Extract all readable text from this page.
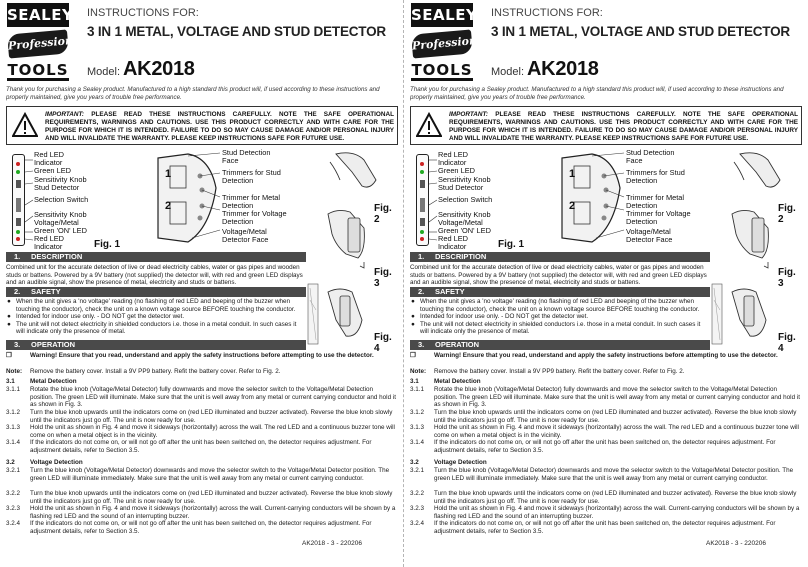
SEALEY
Professional
TOOLS
INSTRUCTIONS FOR:
3 IN 1 METAL, VOLTAGE AND STUD DETECTOR
Model: AK2018
Thank you for purchasing a Sealey product. Manufactured to a high standard this product will, if used according to these instructions and properly maintained, give you years of trouble free performance.
IMPORTANT: PLEASE READ THESE INSTRUCTIONS CAREFULLY. NOTE THE SAFE OPERATIONAL REQUIREMENTS, WARNINGS AND CAUTIONS. USE THIS PRODUCT CORRECTLY AND WITH CARE FOR THE PURPOSE FOR WHICH IT IS INTENDED. FAILURE TO DO SO MAY CAUSE DAMAGE AND/OR PERSONAL INJURY AND WILL INVALIDATE THE WARRANTY. PLEASE KEEP INSTRUCTIONS SAFE FOR FUTURE USE.
Red LED
Indicator
Green LED
Sensitivity Knob
Stud Detector
Selection Switch
Sensitivity Knob
Voltage/Metal
Green 'ON' LED
Red LED
Indicator	Fig. 1
1
2
Stud Detection
Face
Trimmers for Stud
Detection
Trimmer for Metal
Detection
Trimmer for Voltage
Detection
Voltage/Metal
Detector Face
Fig. 2
Fig. 3
Fig. 4
1. DESCRIPTION
Combined unit for the accurate detection of live or dead electricity cables, water or gas pipes and wooden studs or battens. Powered by a 9V battery (not supplied) the detector will, with red and green LED displays and an audible signal, show the presence of metal, electricity and studs or battens.
2. SAFETY
● When the unit gives a 'no voltage' reading (no flashing of red LED and beeping of the buzzer when touching the conductor), check the unit on a known voltage source BEFORE touching the conductor.
● Intended for indoor use only. - DO NOT get the detector wet.
● The unit will not detect electricity in shielded conductors i.e. those in a metal conduit. In such cases it will indicate only the presence of metal.
3. OPERATION
❐	Warning! Ensure that you read, understand and apply the safety instructions before attempting to use the detector.
Note:	Remove the battery cover. Install a 9V PP9 battery. Refit the battery cover. Refer to Fig. 2.
3.1	Metal Detection
3.1.1	Rotate the blue knob (Voltage/Metal Detector) fully downwards and move the selector switch to the Voltage/Metal Detection position. The green LED will illuminate. Make sure that the unit is well away from any metal or current carrying conductor and hold it as shown in Fig. 3.
3.1.2	Turn the blue knob upwards until the indicators come on (red LED illuminated and buzzer activated). Reverse the blue knob slowly until the indicators just go off. The unit is now ready for use.
3.1.3	Hold the unit as shown in Fig. 4 and move it sideways (horizontally) across the wall. The red LED and a continuous buzzer tone will come on when a metal object is in the vicinity.
3.1.4	If the indicators do not come on, or will not go off after the unit has been switched on, the detector requires adjustment. For adjustment details, refer to Section 3.5.
3.2	Voltage Detection
3.2.1	Turn the blue knob (Voltage/Metal Detector) downwards and move the selector switch to the Voltage/Metal Detector position. The green LED will illuminate immediately. Make sure that the unit is well away from any metal or current carrying conductor.
3.2.2	Turn the blue knob upwards until the indicators come on (red LED illuminated and buzzer activated). Reverse the blue knob slowly until the indicators just go off. The unit is now ready for use.
3.2.3	Hold the unit as shown in Fig. 4 and move it sideways (horizontally) across the wall. Current-carrying conductors will be shown by a flashing red LED and the sound of an interrupting buzzer.
3.2.4	If the indicators do not come on, or will not go off after the unit has been switched on, the detector requires adjustment. For adjustment details, refer to Section 3.5.
AK2018 - 3 - 220206
SEALEY
Professional
TOOLS
INSTRUCTIONS FOR:
3 IN 1 METAL, VOLTAGE AND STUD DETECTOR
Model: AK2018
Thank you for purchasing a Sealey product. Manufactured to a high standard this product will, if used according to these instructions and properly maintained, give you years of trouble free performance.
IMPORTANT: PLEASE READ THESE INSTRUCTIONS CAREFULLY. NOTE THE SAFE OPERATIONAL REQUIREMENTS, WARNINGS AND CAUTIONS. USE THIS PRODUCT CORRECTLY AND WITH CARE FOR THE PURPOSE FOR WHICH IT IS INTENDED. FAILURE TO DO SO MAY CAUSE DAMAGE AND/OR PERSONAL INJURY AND WILL INVALIDATE THE WARRANTY. PLEASE KEEP INSTRUCTIONS SAFE FOR FUTURE USE.
Red LED
Indicator
Green LED
Sensitivity Knob
Stud Detector
Selection Switch
Sensitivity Knob
Voltage/Metal
Green 'ON' LED
Red LED
Indicator	Fig. 1
1
2
Stud Detection
Face
Trimmers for Stud
Detection
Trimmer for Metal
Detection
Trimmer for Voltage
Detection
Voltage/Metal
Detector Face
Fig. 2
Fig. 3
Fig. 4
1. DESCRIPTION
Combined unit for the accurate detection of live or dead electricity cables, water or gas pipes and wooden studs or battens. Powered by a 9V battery (not supplied) the detector will, with red and green LED displays and an audible signal, show the presence of metal, electricity and studs or battens.
2. SAFETY
● When the unit gives a 'no voltage' reading (no flashing of red LED and beeping of the buzzer when touching the conductor), check the unit on a known voltage source BEFORE touching the conductor.
● Intended for indoor use only. - DO NOT get the detector wet.
● The unit will not detect electricity in shielded conductors i.e. those in a metal conduit. In such cases it will indicate only the presence of metal.
3. OPERATION
❐	Warning! Ensure that you read, understand and apply the safety instructions before attempting to use the detector.
Note:	Remove the battery cover. Install a 9V PP9 battery. Refit the battery cover. Refer to Fig. 2.
3.1	Metal Detection
3.1.1	Rotate the blue knob (Voltage/Metal Detector) fully downwards and move the selector switch to the Voltage/Metal Detection position. The green LED will illuminate. Make sure that the unit is well away from any metal or current carrying conductor and hold it as shown in Fig. 3.
3.1.2	Turn the blue knob upwards until the indicators come on (red LED illuminated and buzzer activated). Reverse the blue knob slowly until the indicators just go off. The unit is now ready for use.
3.1.3	Hold the unit as shown in Fig. 4 and move it sideways (horizontally) across the wall. The red LED and a continuous buzzer tone will come on when a metal object is in the vicinity.
3.1.4	If the indicators do not come on, or will not go off after the unit has been switched on, the detector requires adjustment. For adjustment details, refer to Section 3.5.
3.2	Voltage Detection
3.2.1	Turn the blue knob (Voltage/Metal Detector) downwards and move the selector switch to the Voltage/Metal Detector position. The green LED will illuminate immediately. Make sure that the unit is well away from any metal or current carrying conductor.
3.2.2	Turn the blue knob upwards until the indicators come on (red LED illuminated and buzzer activated). Reverse the blue knob slowly until the indicators just go off. The unit is now ready for use.
3.2.3	Hold the unit as shown in Fig. 4 and move it sideways (horizontally) across the wall. Current-carrying conductors will be shown by a flashing red LED and the sound of an interrupting buzzer.
3.2.4	If the indicators do not come on, or will not go off after the unit has been switched on, the detector requires adjustment. For adjustment details, refer to Section 3.5.
AK2018 - 3 - 220206
